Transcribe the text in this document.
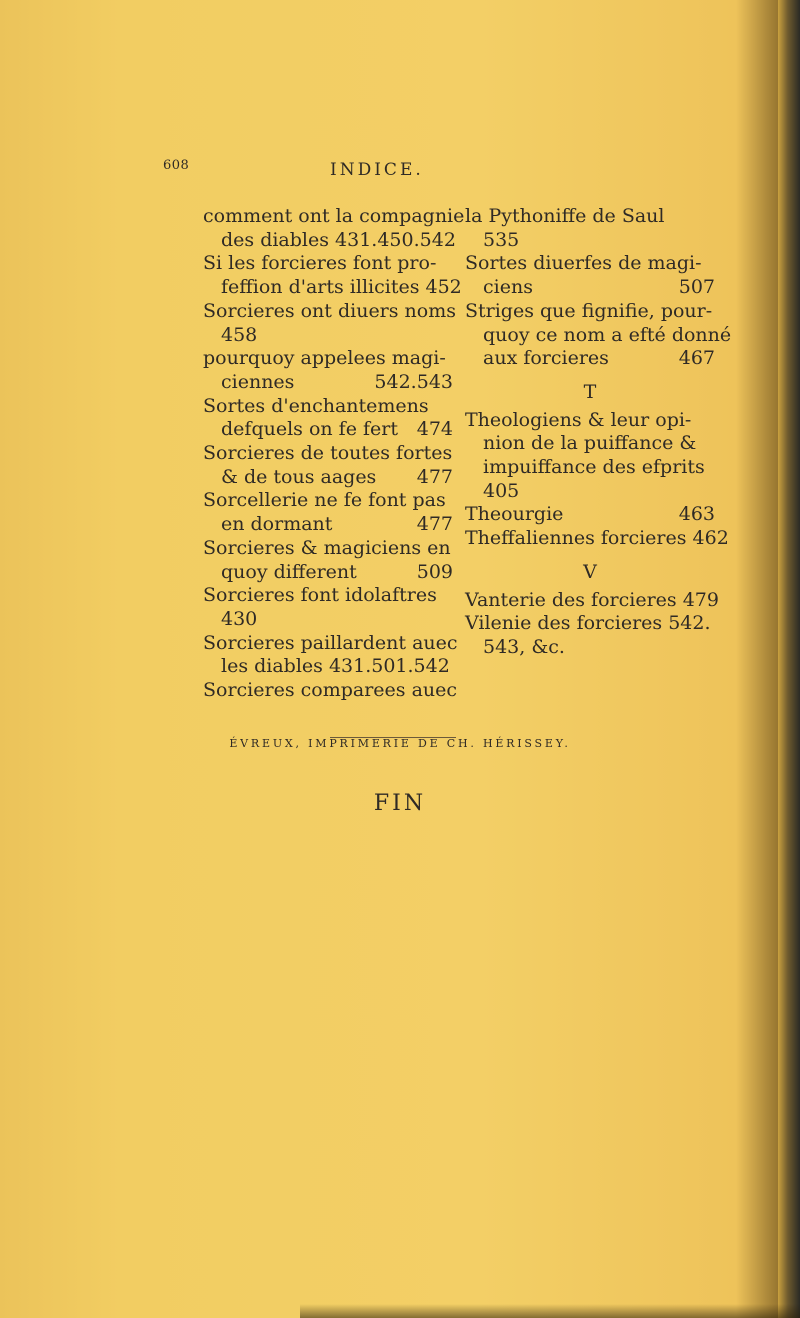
608	INDICE.
comment ont la compagnie
des diables 431.450.542
Si les forcieres font pro-
feffion d'arts illicites 452
Sorcieres ont diuers noms
458
pourquoy appelees magi-
ciennes	542.543
Sortes d'enchantemens
defquels on fe fert 474
Sorcieres de toutes fortes
& de tous aages 477
Sorcellerie ne fe font pas
en dormant	477
Sorcieres & magiciens en
quoy different	509
Sorcieres font idolaftres
430
Sorcieres paillardent auec
les diables 431.501.542
Sorcieres comparees auec
la Pythoniffe de Saul
535
Sortes diuerfes de magi-
ciens	507
Striges que fignifie, pour-
quoy ce nom a efté donné
aux forcieres	467
T
Theologiens & leur opi-
nion de la puiffance &
impuiffance des efprits
405
Theourgie	463
Theffaliennes forcieres 462
V
Vanterie des forcieres 479
Vilenie des forcieres 542.
543, &c.
FIN
ÉVREUX, IMPRIMERIE DE CH. HÉRISSEY.
